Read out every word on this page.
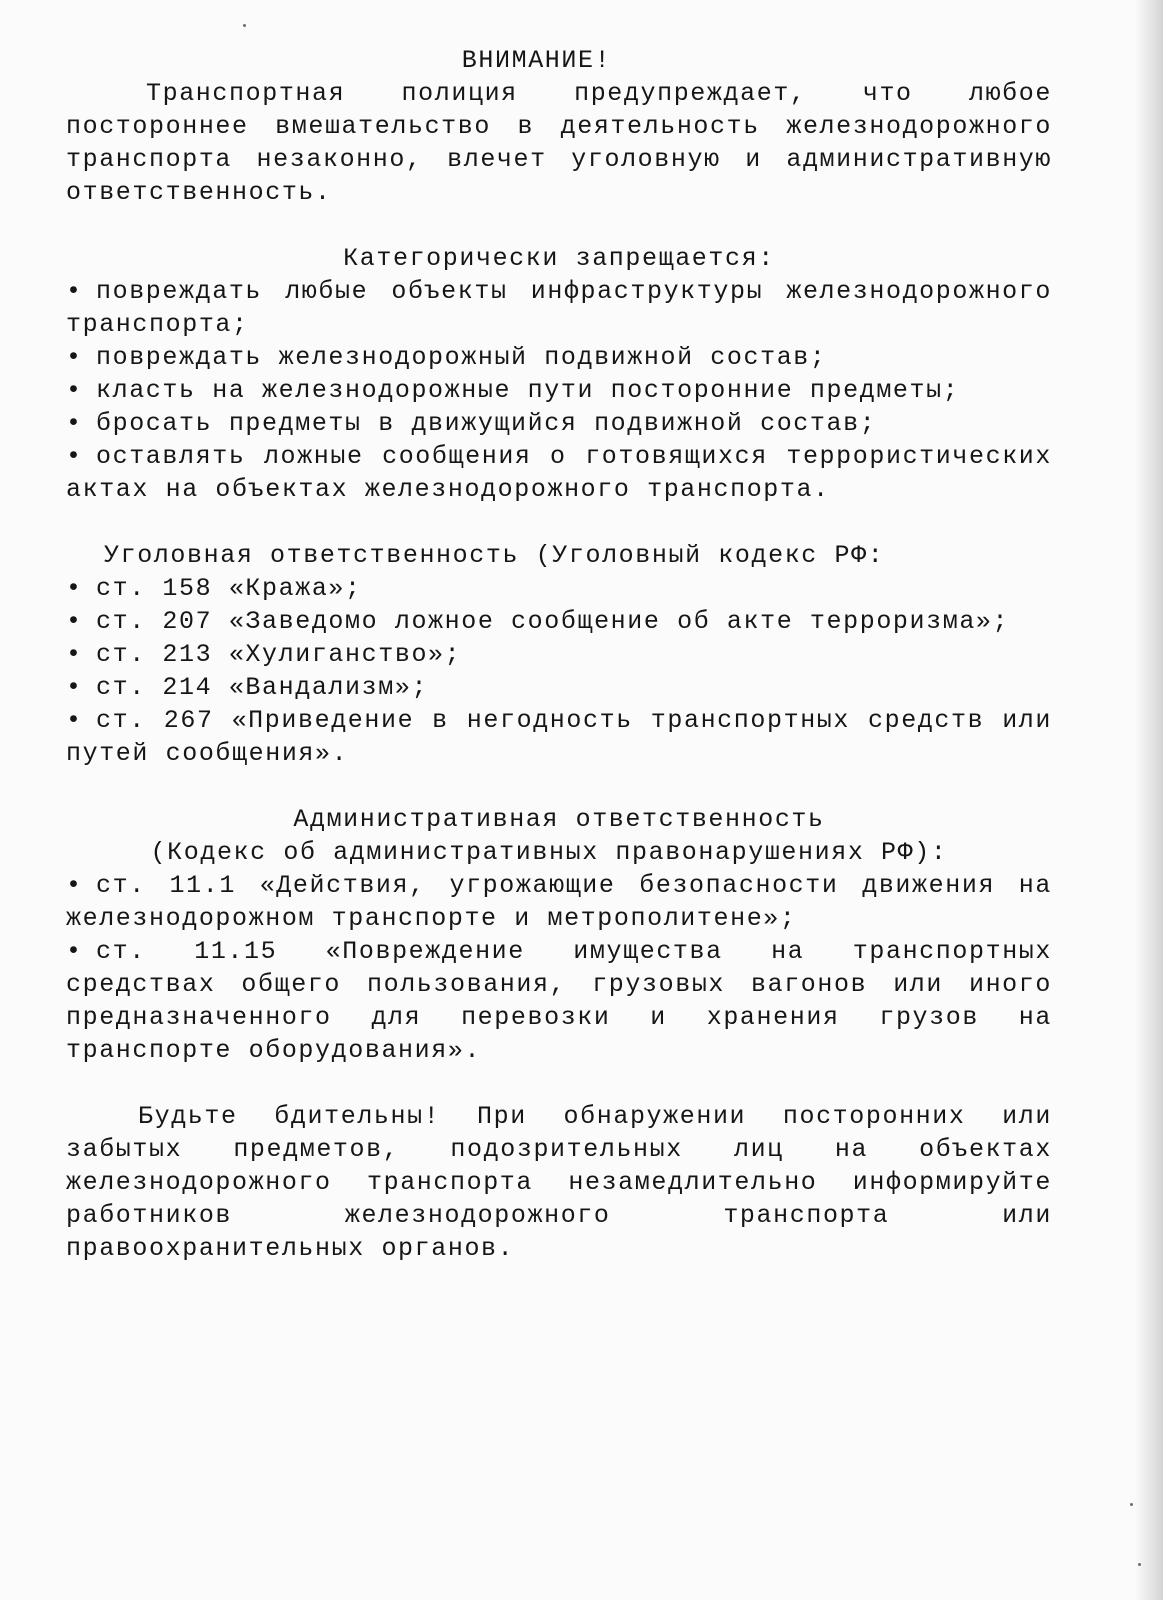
ВНИМАНИЕ!

Транспортная полиция предупреждает, что любое постороннее вмешательство в деятельность железнодорожного транспорта незаконно, влечет уголовную и административную ответственность.

Категорически запрещается:

• повреждать любые объекты инфраструктуры железнодорожного транспорта;
• повреждать железнодорожный подвижной состав;
• класть на железнодорожные пути посторонние предметы;
• бросать предметы в движущийся подвижной состав;
• оставлять ложные сообщения о готовящихся террористических актах на объектах железнодорожного транспорта.

Уголовная ответственность (Уголовный кодекс РФ:

• ст. 158 «Кража»;
• ст. 207 «Заведомо ложное сообщение об акте терроризма»;
• ст. 213 «Хулиганство»;
• ст. 214 «Вандализм»;
• ст. 267 «Приведение в негодность транспортных средств или путей сообщения».

Административная ответственность

(Кодекс об административных правонарушениях РФ):

• ст. 11.1 «Действия, угрожающие безопасности движения на железнодорожном транспорте и метрополитене»;
• ст. 11.15 «Повреждение имущества на транспортных средствах общего пользования, грузовых вагонов или иного предназначенного для перевозки и хранения грузов на транспорте оборудования».

Будьте бдительны! При обнаружении посторонних или забытых предметов, подозрительных лиц на объектах железнодорожного транспорта незамедлительно информируйте работников железнодорожного транспорта или правоохранительных органов.
